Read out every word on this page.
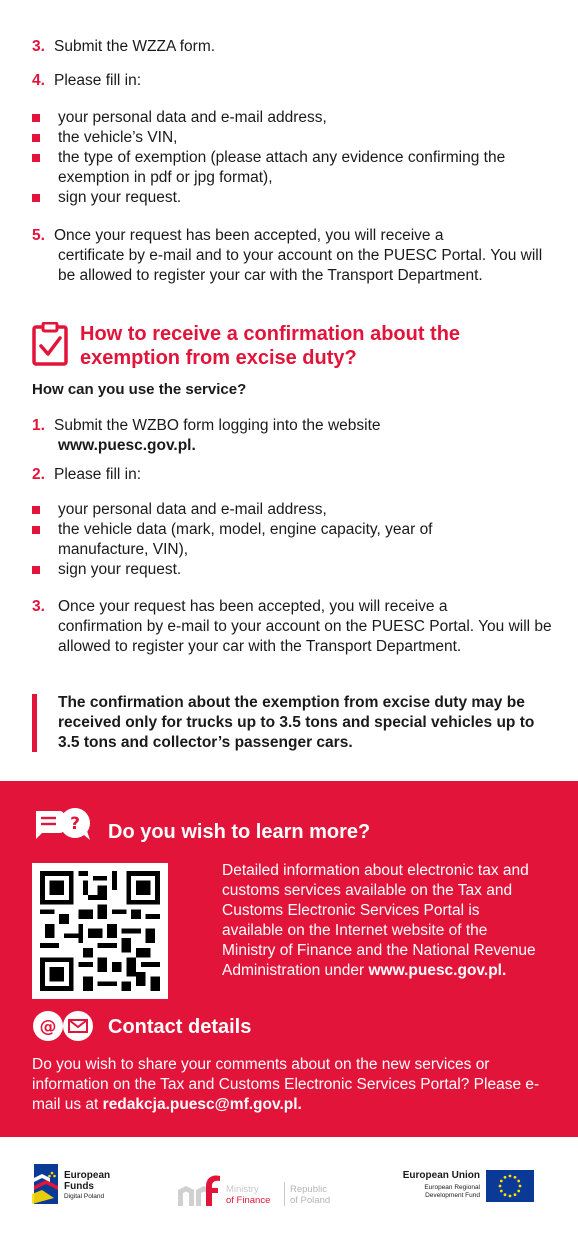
3. Submit the WZZA form.
4. Please fill in:
your personal data and e-mail address,
the vehicle’s VIN,
the type of exemption (please attach any evidence confirming the exemption in pdf or jpg format),
sign your request.
5. Once your request has been accepted, you will receive a
certificate by e-mail and to your account on the PUESC Portal. You will be allowed to register your car with the Transport Department.
How to receive a confirmation about the exemption from excise duty?
How can you use the service?
1. Submit the WZBO form logging into the website
www.puesc.gov.pl.
2. Please fill in:
your personal data and e-mail address,
the vehicle data (mark, model, engine capacity, year of manufacture, VIN),
sign your request.
3. Once your request has been accepted, you will receive a
confirmation by e-mail to your account on the PUESC Portal. You will be allowed to register your car with the Transport Department.
The confirmation about the exemption from excise duty may be received only for trucks up to 3.5 tons and special vehicles up to 3.5 tons and collector’s passenger cars.
? Do you wish to learn more?
Detailed information about electronic tax and customs services available on the Tax and Customs Electronic Services Portal is available on the Internet website of the Ministry of Finance and the National Revenue Administration under www.puesc.gov.pl.
@	Contact details
Do you wish to share your comments about on the new services or information on the Tax and Customs Electronic Services Portal? Please e-mail us at redakcja.puesc@mf.gov.pl.
European
Funds
Digital Poland
Ministry
of Finance
Republic
of Poland
European Union
European Regional
Development Fund
